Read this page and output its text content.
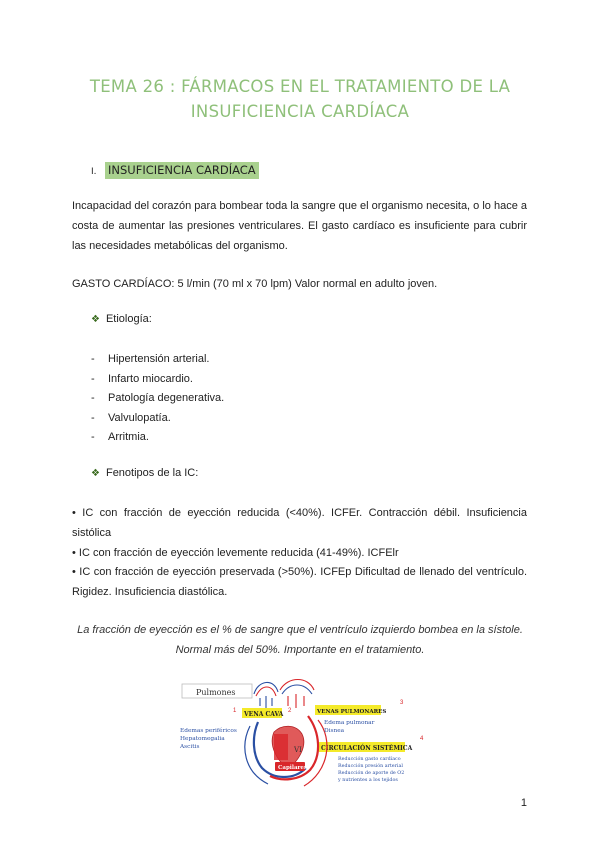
TEMA 26 : FÁRMACOS EN EL TRATAMIENTO DE LA
INSUFICIENCIA CARDÍACA
I. INSUFICIENCIA CARDÍACA

Incapacidad del corazón para bombear toda la sangre que el organismo necesita, o lo hace a costa de aumentar las presiones ventriculares. El gasto cardíaco es insuficiente para cubrir las necesidades metabólicas del organismo.

GASTO CARDÍACO: 5 l/min (70 ml x 70 lpm) Valor normal en adulto joven.

❖ Etiología:
- Hipertensión arterial.
- Infarto miocardio.
- Patología degenerativa.
- Valvulopatía.
- Arritmia.
❖ Fenotipos de la IC:

• IC con fracción de eyección reducida (<40%). ICFEr. Contracción débil. Insuficiencia sistólica

• IC con fracción de eyección levemente reducida (41-49%). ICFElr

• IC con fracción de eyección preservada (>50%). ICFEp Dificultad de llenado del ventrículo. Rigidez. Insuficiencia diastólica.

La fracción de eyección es el % de sangre que el ventrículo izquierdo bombea en la sístole. Normal más del 50%. Importante en el tratamiento.

Pulmones
VENA CAVA	VENAS PULMONARES
CIRCULACIÓN SISTÉMICA
1	2
3
4
VD	VI
Capilares
Edemas periféricos
Hepatomegalia
Ascitis
Edema pulmonar
Disnea
Reducción gasto cardíaco
Reducción presión arterial
Reducción de aporte de O2
y nutrientes a los tejidos
1
